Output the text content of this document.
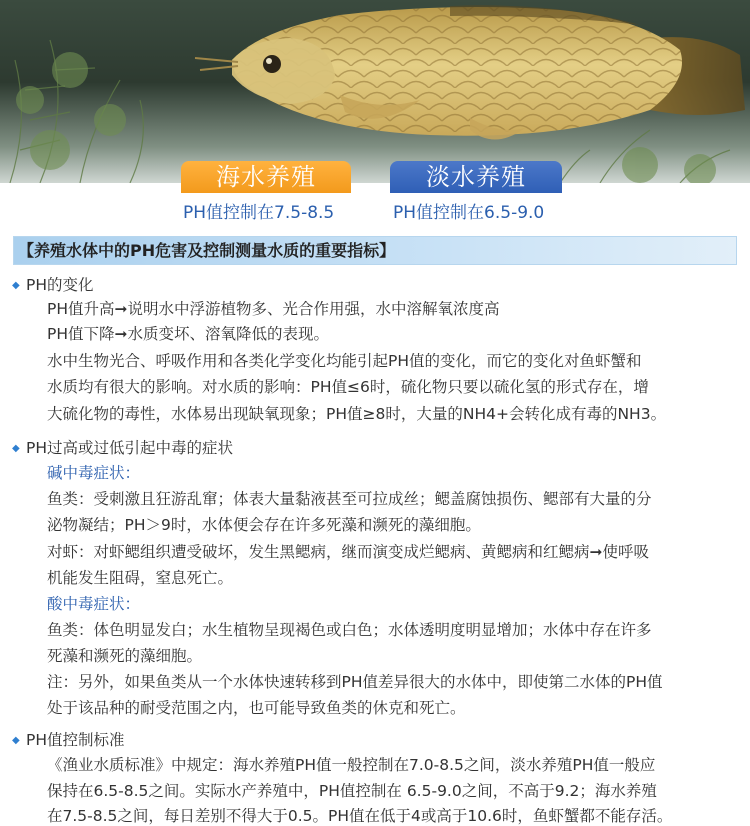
海水养殖	淡水养殖
PH值控制在7.5-8.5	PH值控制在6.5-9.0
【养殖水体中的PH危害及控制测量水质的重要指标】
◆ PH的变化
PH值升高➞说明水中浮游植物多、光合作用强，水中溶解氧浓度高
PH值下降➞水质变坏、溶氧降低的表现。
水中生物光合、呼吸作用和各类化学变化均能引起PH值的变化，而它的变化对鱼虾蟹和
水质均有很大的影响。对水质的影响：PH值≤6时，硫化物只要以硫化氢的形式存在，增
大硫化物的毒性，水体易出现缺氧现象；PH值≥8时，大量的NH4+会转化成有毒的NH3。
◆ PH过高或过低引起中毒的症状
碱中毒症状：
鱼类：受刺激且狂游乱窜；体表大量黏液甚至可拉成丝；鳃盖腐蚀损伤、鳃部有大量的分
泌物凝结；PH＞9时，水体便会存在许多死藻和濒死的藻细胞。
对虾：对虾鳃组织遭受破坏，发生黑鳃病，继而演变成烂鳃病、黄鳃病和红鳃病➞使呼吸
机能发生阻碍，窒息死亡。
酸中毒症状：
鱼类：体色明显发白；水生植物呈现褐色或白色；水体透明度明显增加；水体中存在许多
死藻和濒死的藻细胞。
注：另外，如果鱼类从一个水体快速转移到PH值差异很大的水体中，即使第二水体的PH值
处于该品种的耐受范围之内，也可能导致鱼类的休克和死亡。
◆ PH值控制标准
《渔业水质标准》中规定：海水养殖PH值一般控制在7.0-8.5之间，淡水养殖PH值一般应
保持在6.5-8.5之间。实际水产养殖中，PH值控制在 6.5-9.0之间，不高于9.2；海水养殖
在7.5-8.5之间，每日差别不得大于0.5。PH值在低于4或高于10.6时，鱼虾蟹都不能存活。
